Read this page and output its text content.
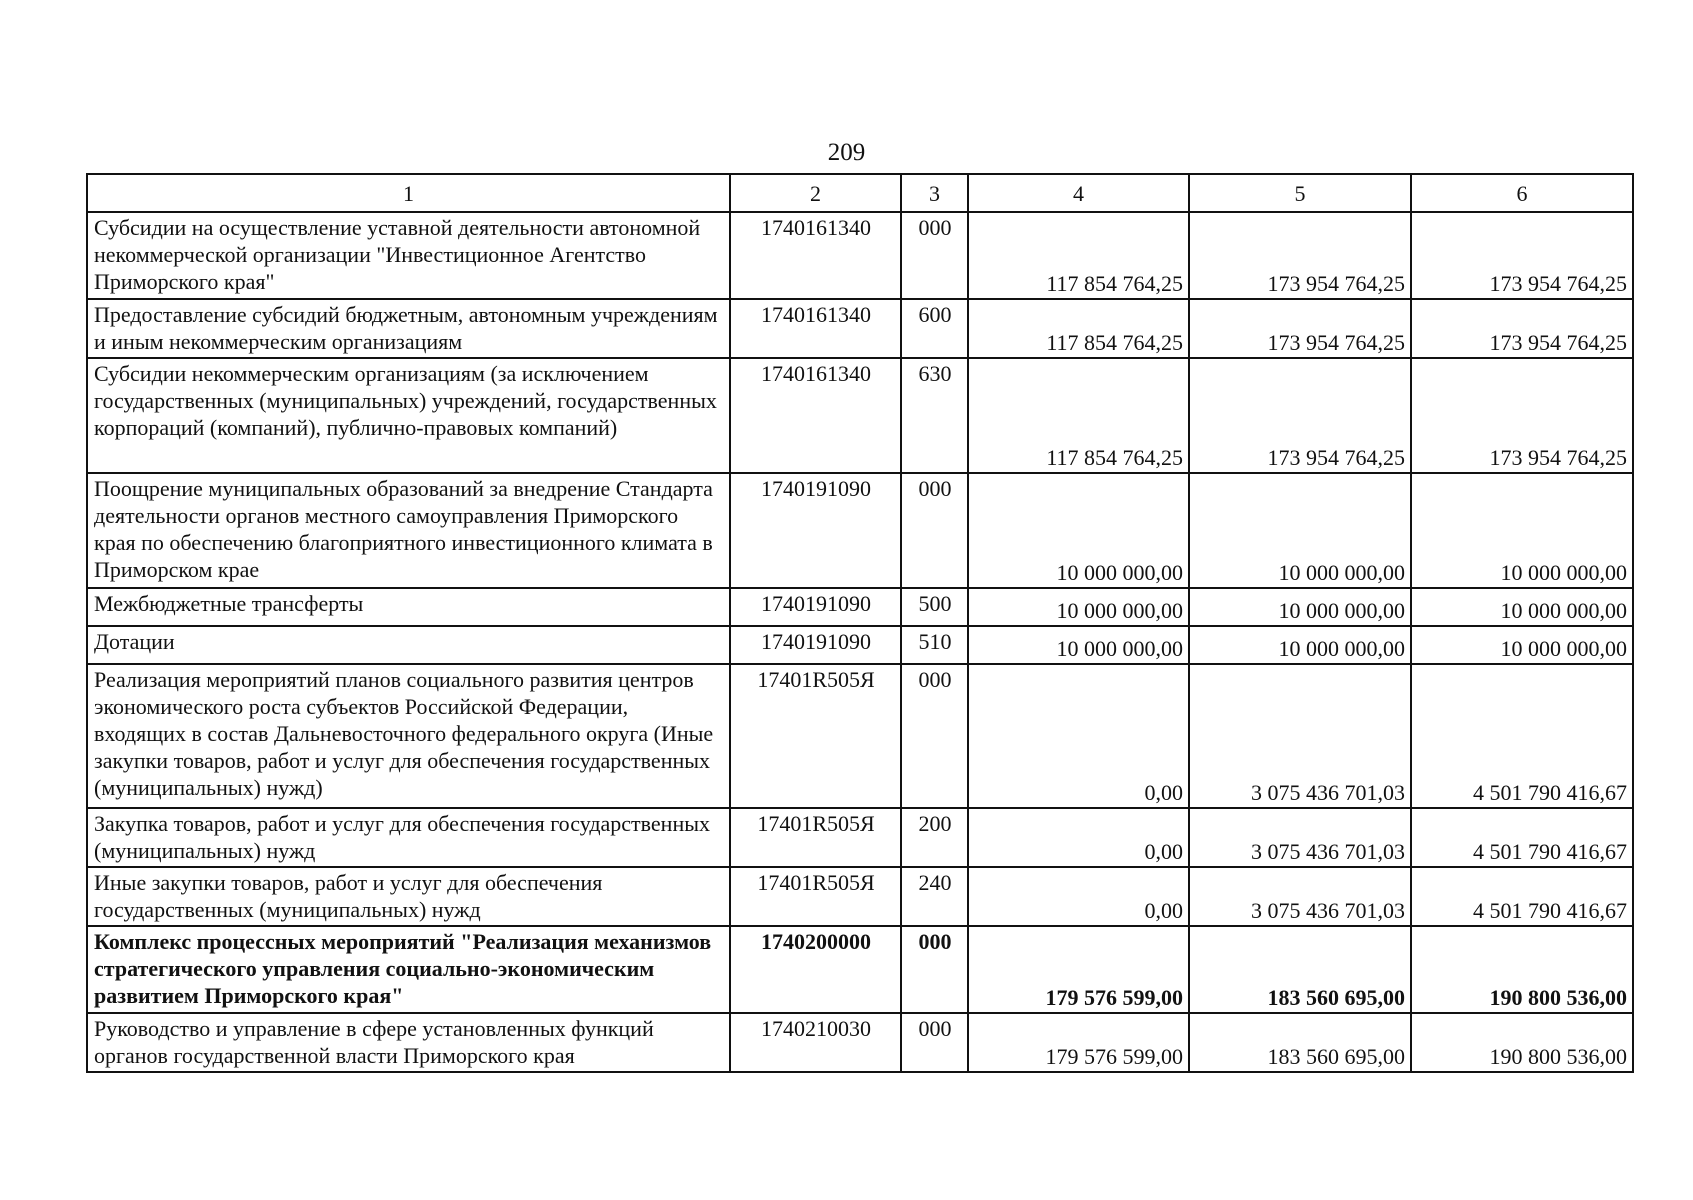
209
1	2	3	4	5	6
Субсидии на осуществление уставной деятельности автономной некоммерческой организации "Инвестиционное Агентство Приморского края"	1740161340	000	117 854 764,25	173 954 764,25	173 954 764,25
Предоставление субсидий бюджетным, автономным учреждениям и иным некоммерческим организациям	1740161340	600	117 854 764,25	173 954 764,25	173 954 764,25
Субсидии некоммерческим организациям (за исключением государственных (муниципальных) учреждений, государственных корпораций (компаний), публично-правовых компаний)	1740161340	630	117 854 764,25	173 954 764,25	173 954 764,25
Поощрение муниципальных образований за внедрение Стандарта деятельности органов местного самоуправления Приморского края по обеспечению благоприятного инвестиционного климата в Приморском крае	1740191090	000	10 000 000,00	10 000 000,00	10 000 000,00
Межбюджетные трансферты	1740191090	500	10 000 000,00	10 000 000,00	10 000 000,00
Дотации	1740191090	510	10 000 000,00	10 000 000,00	10 000 000,00
Реализация мероприятий планов социального развития центров экономического роста субъектов Российской Федерации, входящих в состав Дальневосточного федерального округа (Иные закупки товаров, работ и услуг для обеспечения государственных (муниципальных) нужд)	17401R505Я	000	0,00	3 075 436 701,03	4 501 790 416,67
Закупка товаров, работ и услуг для обеспечения государственных (муниципальных) нужд	17401R505Я	200	0,00	3 075 436 701,03	4 501 790 416,67
Иные закупки товаров, работ и услуг для обеспечения государственных (муниципальных) нужд	17401R505Я	240	0,00	3 075 436 701,03	4 501 790 416,67
Комплекс процессных мероприятий "Реализация механизмов стратегического управления социально-экономическим развитием Приморского края"	1740200000	000	179 576 599,00	183 560 695,00	190 800 536,00
Руководство и управление в сфере установленных функций органов государственной власти Приморского края	1740210030	000	179 576 599,00	183 560 695,00	190 800 536,00
